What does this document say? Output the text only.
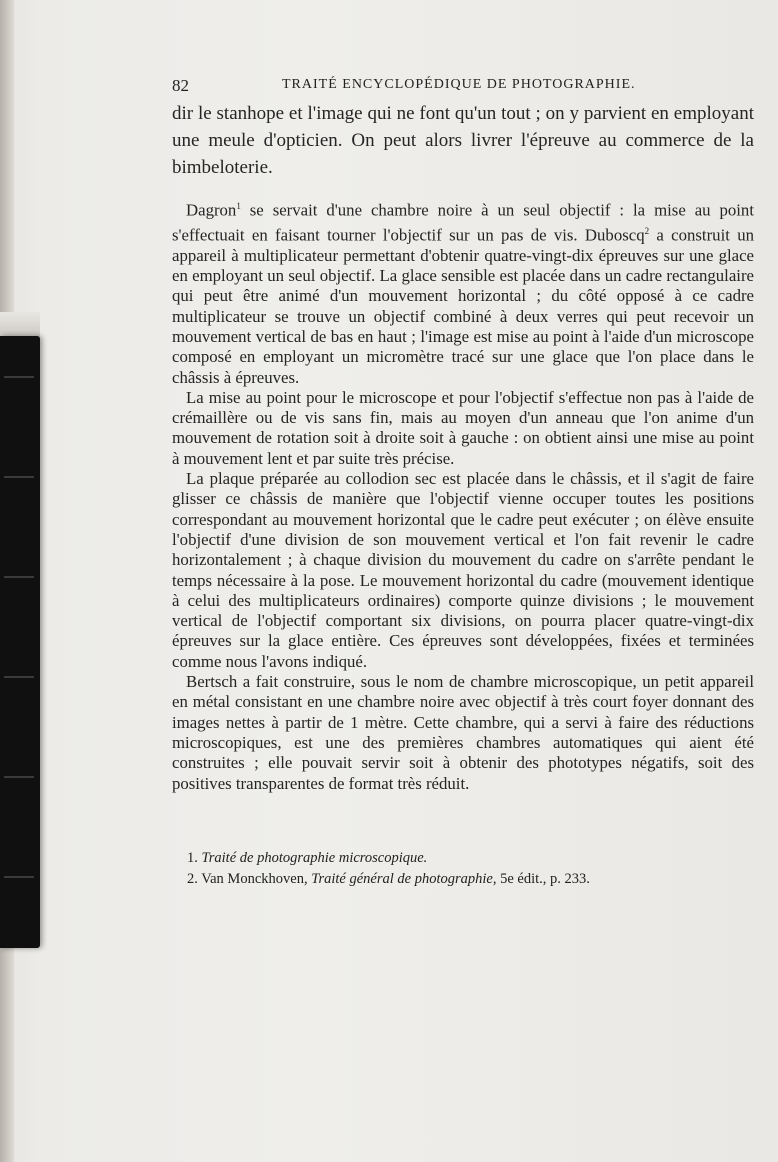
82	TRAITÉ ENCYCLOPÉDIQUE DE PHOTOGRAPHIE.

dir le stanhope et l'image qui ne font qu'un tout ; on y parvient en employant une meule d'opticien. On peut alors livrer l'épreuve au commerce de la bimbeloterie.

Dagron$^1$ se servait d'une chambre noire à un seul objectif : la mise au point s'effectuait en faisant tourner l'objectif sur un pas de vis. Duboscq$^2$ a construit un appareil à multiplicateur permettant d'obtenir quatre-vingt-dix épreuves sur une glace en employant un seul objectif. La glace sensible est placée dans un cadre rectangulaire qui peut être animé d'un mouvement horizontal ; du côté opposé à ce cadre multiplicateur se trouve un objectif combiné à deux verres qui peut recevoir un mouvement vertical de bas en haut ; l'image est mise au point à l'aide d'un microscope composé en employant un micromètre tracé sur une glace que l'on place dans le châssis à épreuves.

La mise au point pour le microscope et pour l'objectif s'effectue non pas à l'aide de crémaillère ou de vis sans fin, mais au moyen d'un anneau que l'on anime d'un mouvement de rotation soit à droite soit à gauche : on obtient ainsi une mise au point à mouvement lent et par suite très précise.

La plaque préparée au collodion sec est placée dans le châssis, et il s'agit de faire glisser ce châssis de manière que l'objectif vienne occuper toutes les positions correspondant au mouvement horizontal que le cadre peut exécuter ; on élève ensuite l'objectif d'une division de son mouvement vertical et l'on fait revenir le cadre horizontalement ; à chaque division du mouvement du cadre on s'arrête pendant le temps nécessaire à la pose. Le mouvement horizontal du cadre (mouvement identique à celui des multiplicateurs ordinaires) comporte quinze divisions ; le mouvement vertical de l'objectif comportant six divisions, on pourra placer quatre-vingt-dix épreuves sur la glace entière. Ces épreuves sont développées, fixées et terminées comme nous l'avons indiqué.

Bertsch a fait construire, sous le nom de chambre microscopique, un petit appareil en métal consistant en une chambre noire avec objectif à très court foyer donnant des images nettes à partir de 1 mètre. Cette chambre, qui a servi à faire des réductions microscopiques, est une des premières chambres automatiques qui aient été construites ; elle pouvait servir soit à obtenir des phototypes négatifs, soit des positives transparentes de format très réduit.

1. Traité de photographie microscopique.

2. Van Monckhoven, Traité général de photographie, 5e édit., p. 233.
